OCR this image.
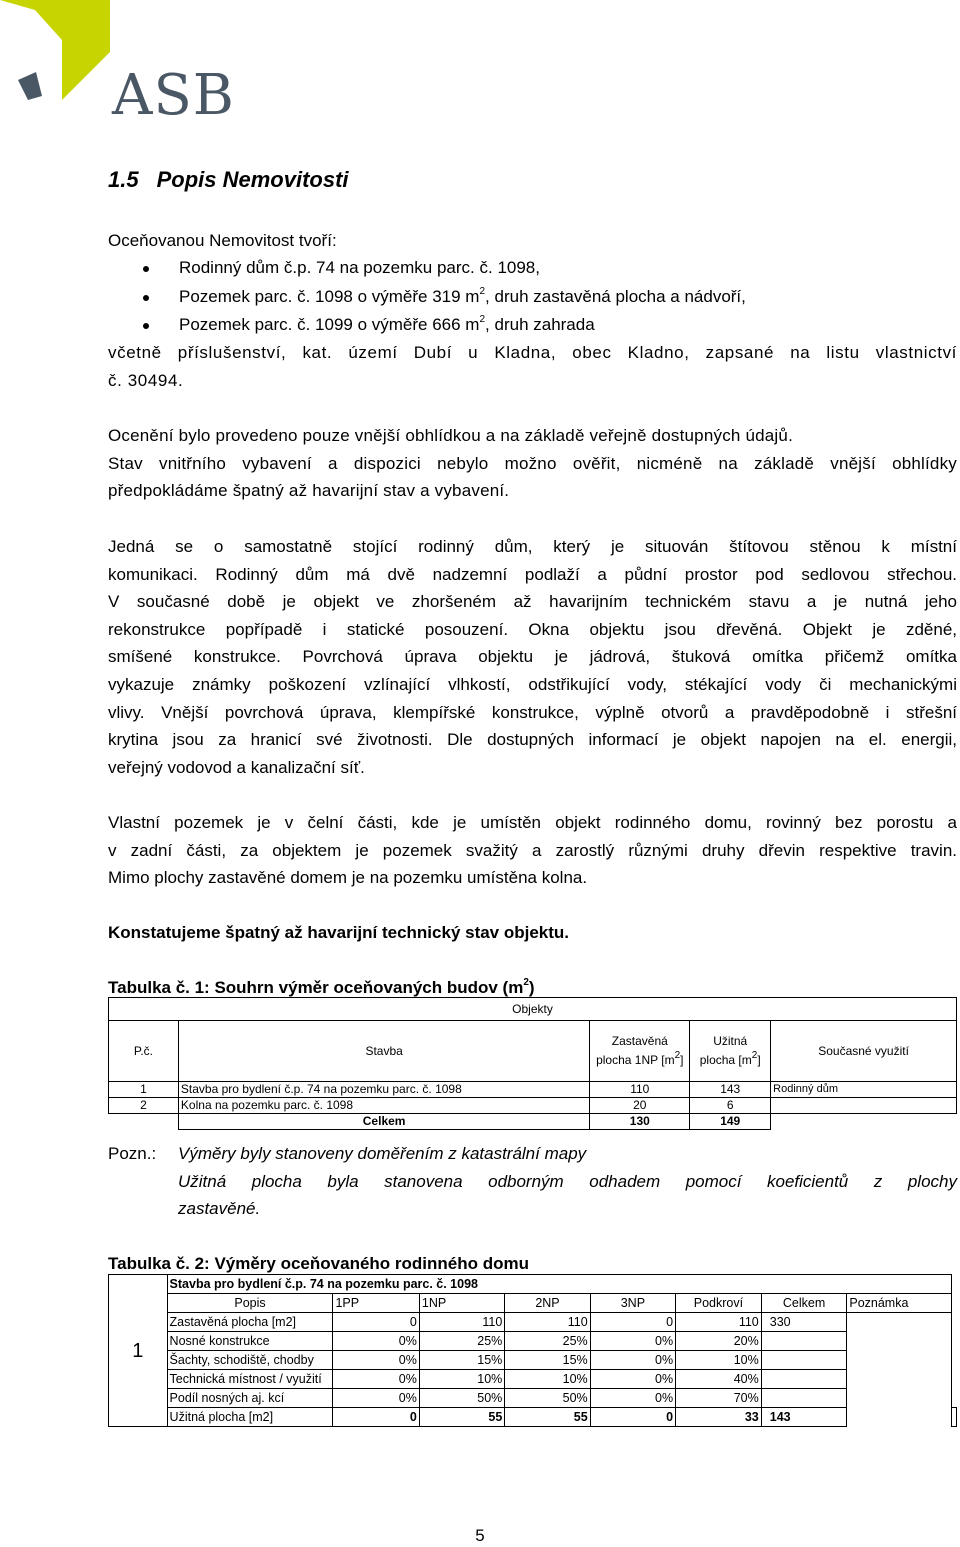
ASB
1.5 Popis Nemovitosti
Oceňovanou Nemovitost tvoří:
Rodinný dům č.p. 74 na pozemku parc. č. 1098,
Pozemek parc. č. 1098 o výměře 319 $m^2$, druh zastavěná plocha a nádvoří,
Pozemek parc. č. 1099 o výměře 666 $m^2$, druh zahrada
včetně příslušenství, kat. území Dubí u Kladna, obec Kladno, zapsané na listu vlastnictví
č. 30494.
Ocenění bylo provedeno pouze vnější obhlídkou a na základě veřejně dostupných údajů.
Stav vnitřního vybavení a dispozici nebylo možno ověřit, nicméně na základě vnější obhlídky
předpokládáme špatný až havarijní stav a vybavení.
Jedná se o samostatně stojící rodinný dům, který je situován štítovou stěnou k místní
komunikaci. Rodinný dům má dvě nadzemní podlaží a půdní prostor pod sedlovou střechou.
V současné době je objekt ve zhoršeném až havarijním technickém stavu a je nutná jeho
rekonstrukce popřípadě i statické posouzení. Okna objektu jsou dřevěná. Objekt je zděné,
smíšené konstrukce. Povrchová úprava objektu je jádrová, štuková omítka přičemž omítka
vykazuje známky poškození vzlínající vlhkostí, odstřikující vody, stékající vody či mechanickými
vlivy. Vnější povrchová úprava, klempířské konstrukce, výplně otvorů a pravděpodobně i střešní
krytina jsou za hranicí své životnosti. Dle dostupných informací je objekt napojen na el. energii,
veřejný vodovod a kanalizační síť.
Vlastní pozemek je v čelní části, kde je umístěn objekt rodinného domu, rovinný bez porostu a
v zadní části, za objektem je pozemek svažitý a zarostlý různými druhy dřevin respektive travin.
Mimo plochy zastavěné domem je na pozemku umístěna kolna.
Konstatujeme špatný až havarijní technický stav objektu.
Tabulka č. 1: Souhrn výměr oceňovaných budov $(m^2)$
Objekty				
P.č.	Stavba	Zastavěná
plocha 1NP $[m^2]$	Užitná
plocha $[m^2]$	Současné využití
1	Stavba pro bydlení č.p. 74 na pozemku parc. č. 1098	110	143	Rodinný dům
2	Kolna na pozemku parc. č. 1098	20	6	
	Celkem	130	149	
Pozn.: Výměry byly stanoveny doměřením z katastrální mapy
Užitná plocha byla stanovena odborným odhadem pomocí koeficientů z plochy
zastavěné.
Tabulka č. 2: Výměry oceňovaného rodinného domu
1	Stavba pro bydlení č.p. 74 na pozemku parc. č. 1098								
	Popis	1PP	1NP	2NP	3NP	Podkroví	Celkem	Poznámka	
	Zastavěná plocha [m2]	0	110	110	0	110	330		
	Nosné konstrukce	0%	25%	25%	0%	20%			
	Šachty, schodiště, chodby	0%	15%	15%	0%	10%			
	Technická místnost / využití	0%	10%	10%	0%	40%			
	Podíl nosných aj. kcí	0%	50%	50%	0%	70%			
	Užitná plocha [m2]	0	55	55	0	33	143		
5
